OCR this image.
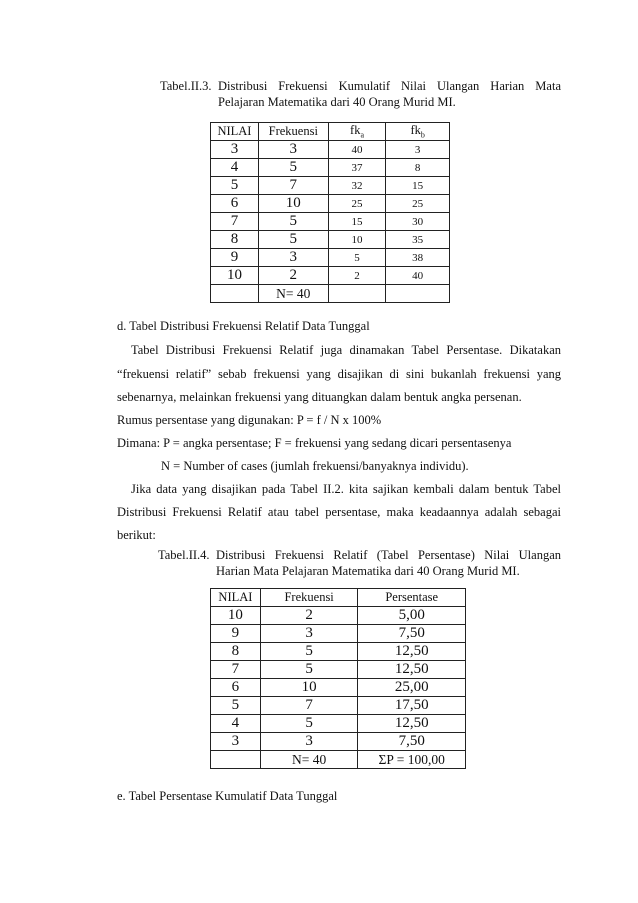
Tabel.II.3. Distribusi Frekuensi Kumulatif Nilai Ulangan Harian Mata
Pelajaran Matematika dari 40 Orang Murid MI.
NILAI	Frekuensi	$fk_a$	$fk_b$
3	3	40	3
4	5	37	8
5	7	32	15
6	10	25	25
7	5	15	30
8	5	10	35
9	3	5	38
10	2	2	40
	N= 40		
d. Tabel Distribusi Frekuensi Relatif Data Tunggal
Tabel Distribusi Frekuensi Relatif juga dinamakan Tabel Persentase. Dikatakan
“frekuensi relatif” sebab frekuensi yang disajikan di sini bukanlah frekuensi yang
sebenarnya, melainkan frekuensi yang dituangkan dalam bentuk angka persenan.
Rumus persentase yang digunakan: P = f / N x 100%
Dimana: P = angka persentase; F = frekuensi yang sedang dicari persentasenya
N = Number of cases (jumlah frekuensi/banyaknya individu).
Jika data yang disajikan pada Tabel II.2. kita sajikan kembali dalam bentuk Tabel
Distribusi Frekuensi Relatif atau tabel persentase, maka keadaannya adalah sebagai
berikut:
Tabel.II.4. Distribusi Frekuensi Relatif (Tabel Persentase) Nilai Ulangan
Harian Mata Pelajaran Matematika dari 40 Orang Murid MI.
NILAI	Frekuensi	Persentase
10	2	5,00
9	3	7,50
8	5	12,50
7	5	12,50
6	10	25,00
5	7	17,50
4	5	12,50
3	3	7,50
	N= 40	ΣP = 100,00
e. Tabel Persentase Kumulatif Data Tunggal
